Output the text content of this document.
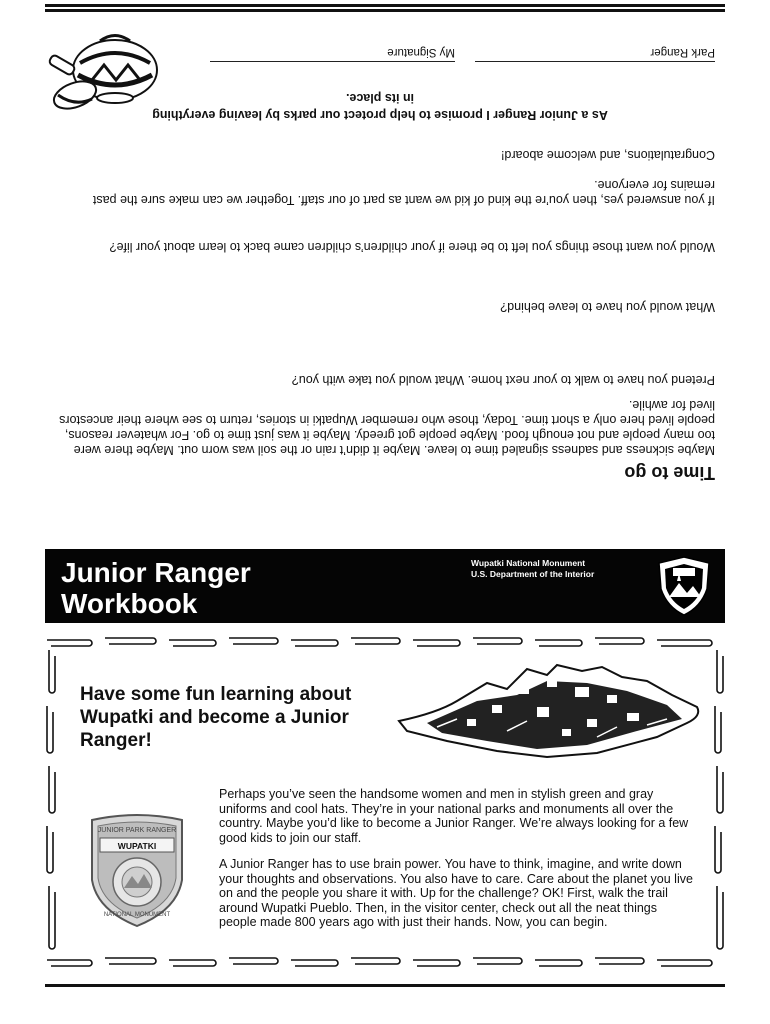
Time to go
Maybe sickness and sadness signaled time to leave. Maybe it didn’t rain or the soil was worn out. Maybe there were too many people and not enough food. Maybe people got greedy. Maybe it was just time to go. For whatever reasons, people lived here only a short time. Today, those who remember Wupatki in stories, return to see where their ancestors lived for awhile.
Pretend you have to walk to your next home. What would you take with you?
What would you have to leave behind?
Would you want those things you left to be there if your children’s children came back to learn about your life?
If you answered yes, then you’re the kind of kid we want as part of our staff. Together we can make sure the past remains for everyone.
Congratulations, and welcome aboard!
As a Junior Ranger I promise to help protect our parks by leaving everything in its place.
Park Ranger
My Signature
Junior Ranger
Workbook
Wupatki National Monument
U.S. Department of the Interior
Have some fun learning about Wupatki and become a Junior Ranger!
JUNIOR PARK RANGER
WUPATKI
NATIONAL MONUMENT
Perhaps you’ve seen the handsome women and men in stylish green and gray uniforms and cool hats. They’re in your national parks and monuments all over the country. Maybe you’d like to become a Junior Ranger. We’re always looking for a few good kids to join our staff.
A Junior Ranger has to use brain power. You have to think, imagine, and write down your thoughts and observations. You also have to care. Care about the planet you live on and the people you share it with. Up for the challenge? OK! First, walk the trail around Wupatki Pueblo. Then, in the visitor center, check out all the neat things people made 800 years ago with just their hands. Now, you can begin.
